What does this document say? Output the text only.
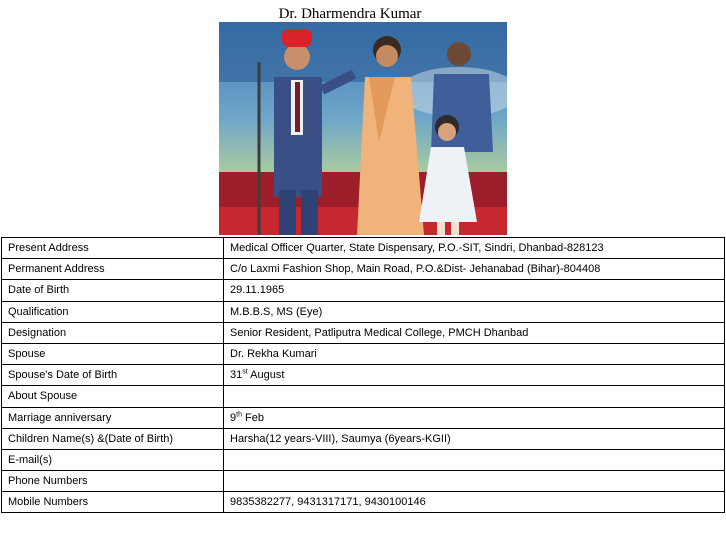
Dr. Dharmendra Kumar
Present Address	Medical Officer Quarter, State Dispensary, P.O.-SIT, Sindri, Dhanbad-828123
Permanent Address	C/o Laxmi Fashion Shop, Main Road, P.O.&Dist- Jehanabad (Bihar)-804408
Date of Birth	29.11.1965
Qualification	M.B.B.S, MS (Eye)
Designation	Senior Resident, Patliputra Medical College, PMCH Dhanbad
Spouse	Dr. Rekha Kumari
Spouse's Date of Birth	31st August
About Spouse	
Marriage anniversary	9th Feb
Children Name(s) &(Date of Birth)	Harsha(12 years-VIII), Saumya (6years-KGII)
E-mail(s)	
Phone Numbers	
Mobile Numbers	9835382277, 9431317171, 9430100146
